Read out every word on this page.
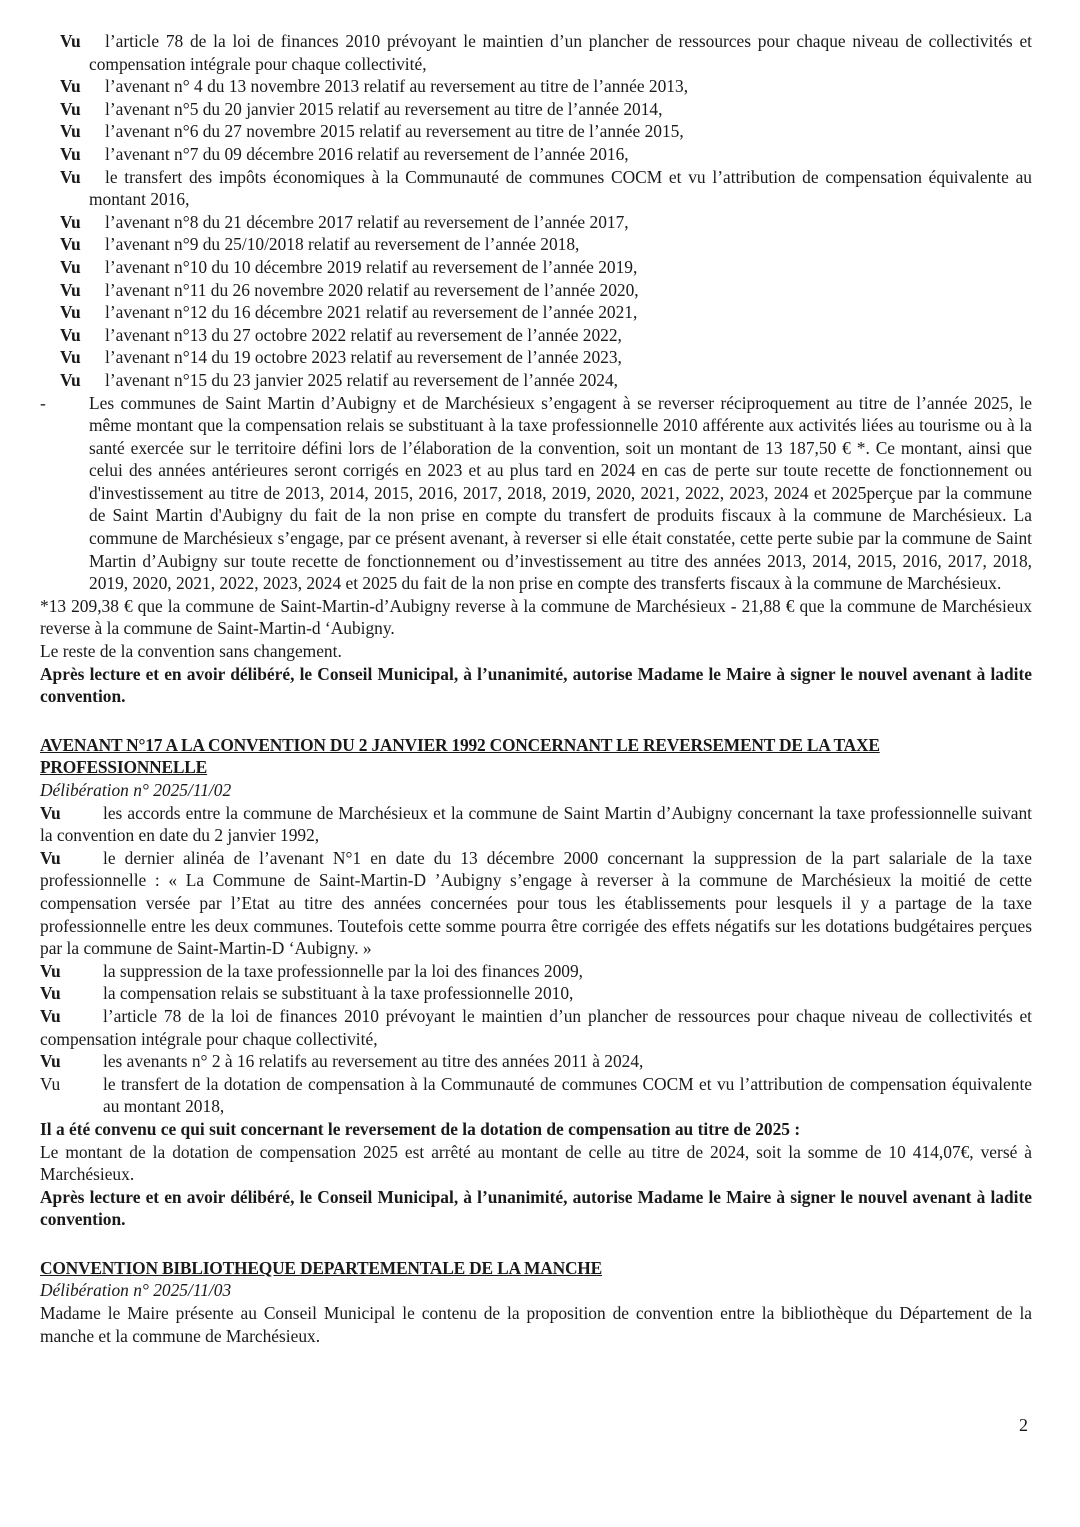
Vu l’article 78 de la loi de finances 2010 prévoyant le maintien d’un plancher de ressources pour chaque niveau de collectivités et compensation intégrale pour chaque collectivité,
Vu l’avenant n° 4 du 13 novembre 2013 relatif au reversement au titre de l’année 2013,
Vu l’avenant n°5 du 20 janvier 2015 relatif au reversement au titre de l’année 2014,
Vu l’avenant n°6 du 27 novembre 2015 relatif au reversement au titre de l’année 2015,
Vu l’avenant n°7 du 09 décembre 2016 relatif au reversement de l’année 2016,
Vu le transfert des impôts économiques à la Communauté de communes COCM et vu l’attribution de compensation équivalente au montant 2016,
Vu l’avenant n°8 du 21 décembre 2017 relatif au reversement de l’année 2017,
Vu l’avenant n°9 du 25/10/2018 relatif au reversement de l’année 2018,
Vu l’avenant n°10 du 10 décembre 2019 relatif au reversement de l’année 2019,
Vu l’avenant n°11 du 26 novembre 2020 relatif au reversement de l’année 2020,
Vu l’avenant n°12 du 16 décembre 2021 relatif au reversement de l’année 2021,
Vu l’avenant n°13 du 27 octobre 2022 relatif au reversement de l’année 2022,
Vu l’avenant n°14 du 19 octobre 2023 relatif au reversement de l’année 2023,
Vu l’avenant n°15 du 23 janvier 2025 relatif au reversement de l’année 2024,
-	Les communes de Saint Martin d’Aubigny et de Marchésieux s’engagent à se reverser réciproquement au titre de l’année 2025, le même montant que la compensation relais se substituant à la taxe professionnelle 2010 afférente aux activités liées au tourisme ou à la santé exercée sur le territoire défini lors de l’élaboration de la convention, soit un montant de 13 187,50 € *. Ce montant, ainsi que celui des années antérieures seront corrigés en 2023 et au plus tard en 2024 en cas de perte sur toute recette de fonctionnement ou d'investissement au titre de 2013, 2014, 2015, 2016, 2017, 2018, 2019, 2020, 2021, 2022, 2023, 2024 et 2025perçue par la commune de Saint Martin d'Aubigny du fait de la non prise en compte du transfert de produits fiscaux à la commune de Marchésieux. La commune de Marchésieux s’engage, par ce présent avenant, à reverser si elle était constatée, cette perte subie par la commune de Saint Martin d’Aubigny sur toute recette de fonctionnement ou d’investissement au titre des années 2013, 2014, 2015, 2016, 2017, 2018, 2019, 2020, 2021, 2022, 2023, 2024 et 2025 du fait de la non prise en compte des transferts fiscaux à la commune de Marchésieux.

*13 209,38 € que la commune de Saint-Martin-d’Aubigny reverse à la commune de Marchésieux - 21,88 € que la commune de Marchésieux reverse à la commune de Saint-Martin-d ‘Aubigny.

Le reste de la convention sans changement.

Après lecture et en avoir délibéré, le Conseil Municipal, à l’unanimité, autorise Madame le Maire à signer le nouvel avenant à ladite convention.

AVENANT N°17 A LA CONVENTION DU 2 JANVIER 1992 CONCERNANT LE REVERSEMENT DE LA TAXE PROFESSIONNELLE
Délibération n° 2025/11/02
Vu les accords entre la commune de Marchésieux et la commune de Saint Martin d’Aubigny concernant la taxe professionnelle suivant la convention en date du 2 janvier 1992,
Vu le dernier alinéa de l’avenant N°1 en date du 13 décembre 2000 concernant la suppression de la part salariale de la taxe professionnelle : « La Commune de Saint-Martin-D ’Aubigny s’engage à reverser à la commune de Marchésieux la moitié de cette compensation versée par l’Etat au titre des années concernées pour tous les établissements pour lesquels il y a partage de la taxe professionnelle entre les deux communes. Toutefois cette somme pourra être corrigée des effets négatifs sur les dotations budgétaires perçues par la commune de Saint-Martin-D ‘Aubigny. »
Vu la suppression de la taxe professionnelle par la loi des finances 2009,
Vu la compensation relais se substituant à la taxe professionnelle 2010,
Vu l’article 78 de la loi de finances 2010 prévoyant le maintien d’un plancher de ressources pour chaque niveau de collectivités et compensation intégrale pour chaque collectivité,
Vu les avenants n° 2 à 16 relatifs au reversement au titre des années 2011 à 2024,
Vu le transfert de la dotation de compensation à la Communauté de communes COCM et vu l’attribution de compensation équivalente au montant 2018,

Il a été convenu ce qui suit concernant le reversement de la dotation de compensation au titre de 2025 :

Le montant de la dotation de compensation 2025 est arrêté au montant de celle au titre de 2024, soit la somme de 10 414,07€, versé à Marchésieux.

Après lecture et en avoir délibéré, le Conseil Municipal, à l’unanimité, autorise Madame le Maire à signer le nouvel avenant à ladite convention.

CONVENTION BIBLIOTHEQUE DEPARTEMENTALE DE LA MANCHE
Délibération n° 2025/11/03

Madame le Maire présente au Conseil Municipal le contenu de la proposition de convention entre la bibliothèque du Département de la manche et la commune de Marchésieux.

2
